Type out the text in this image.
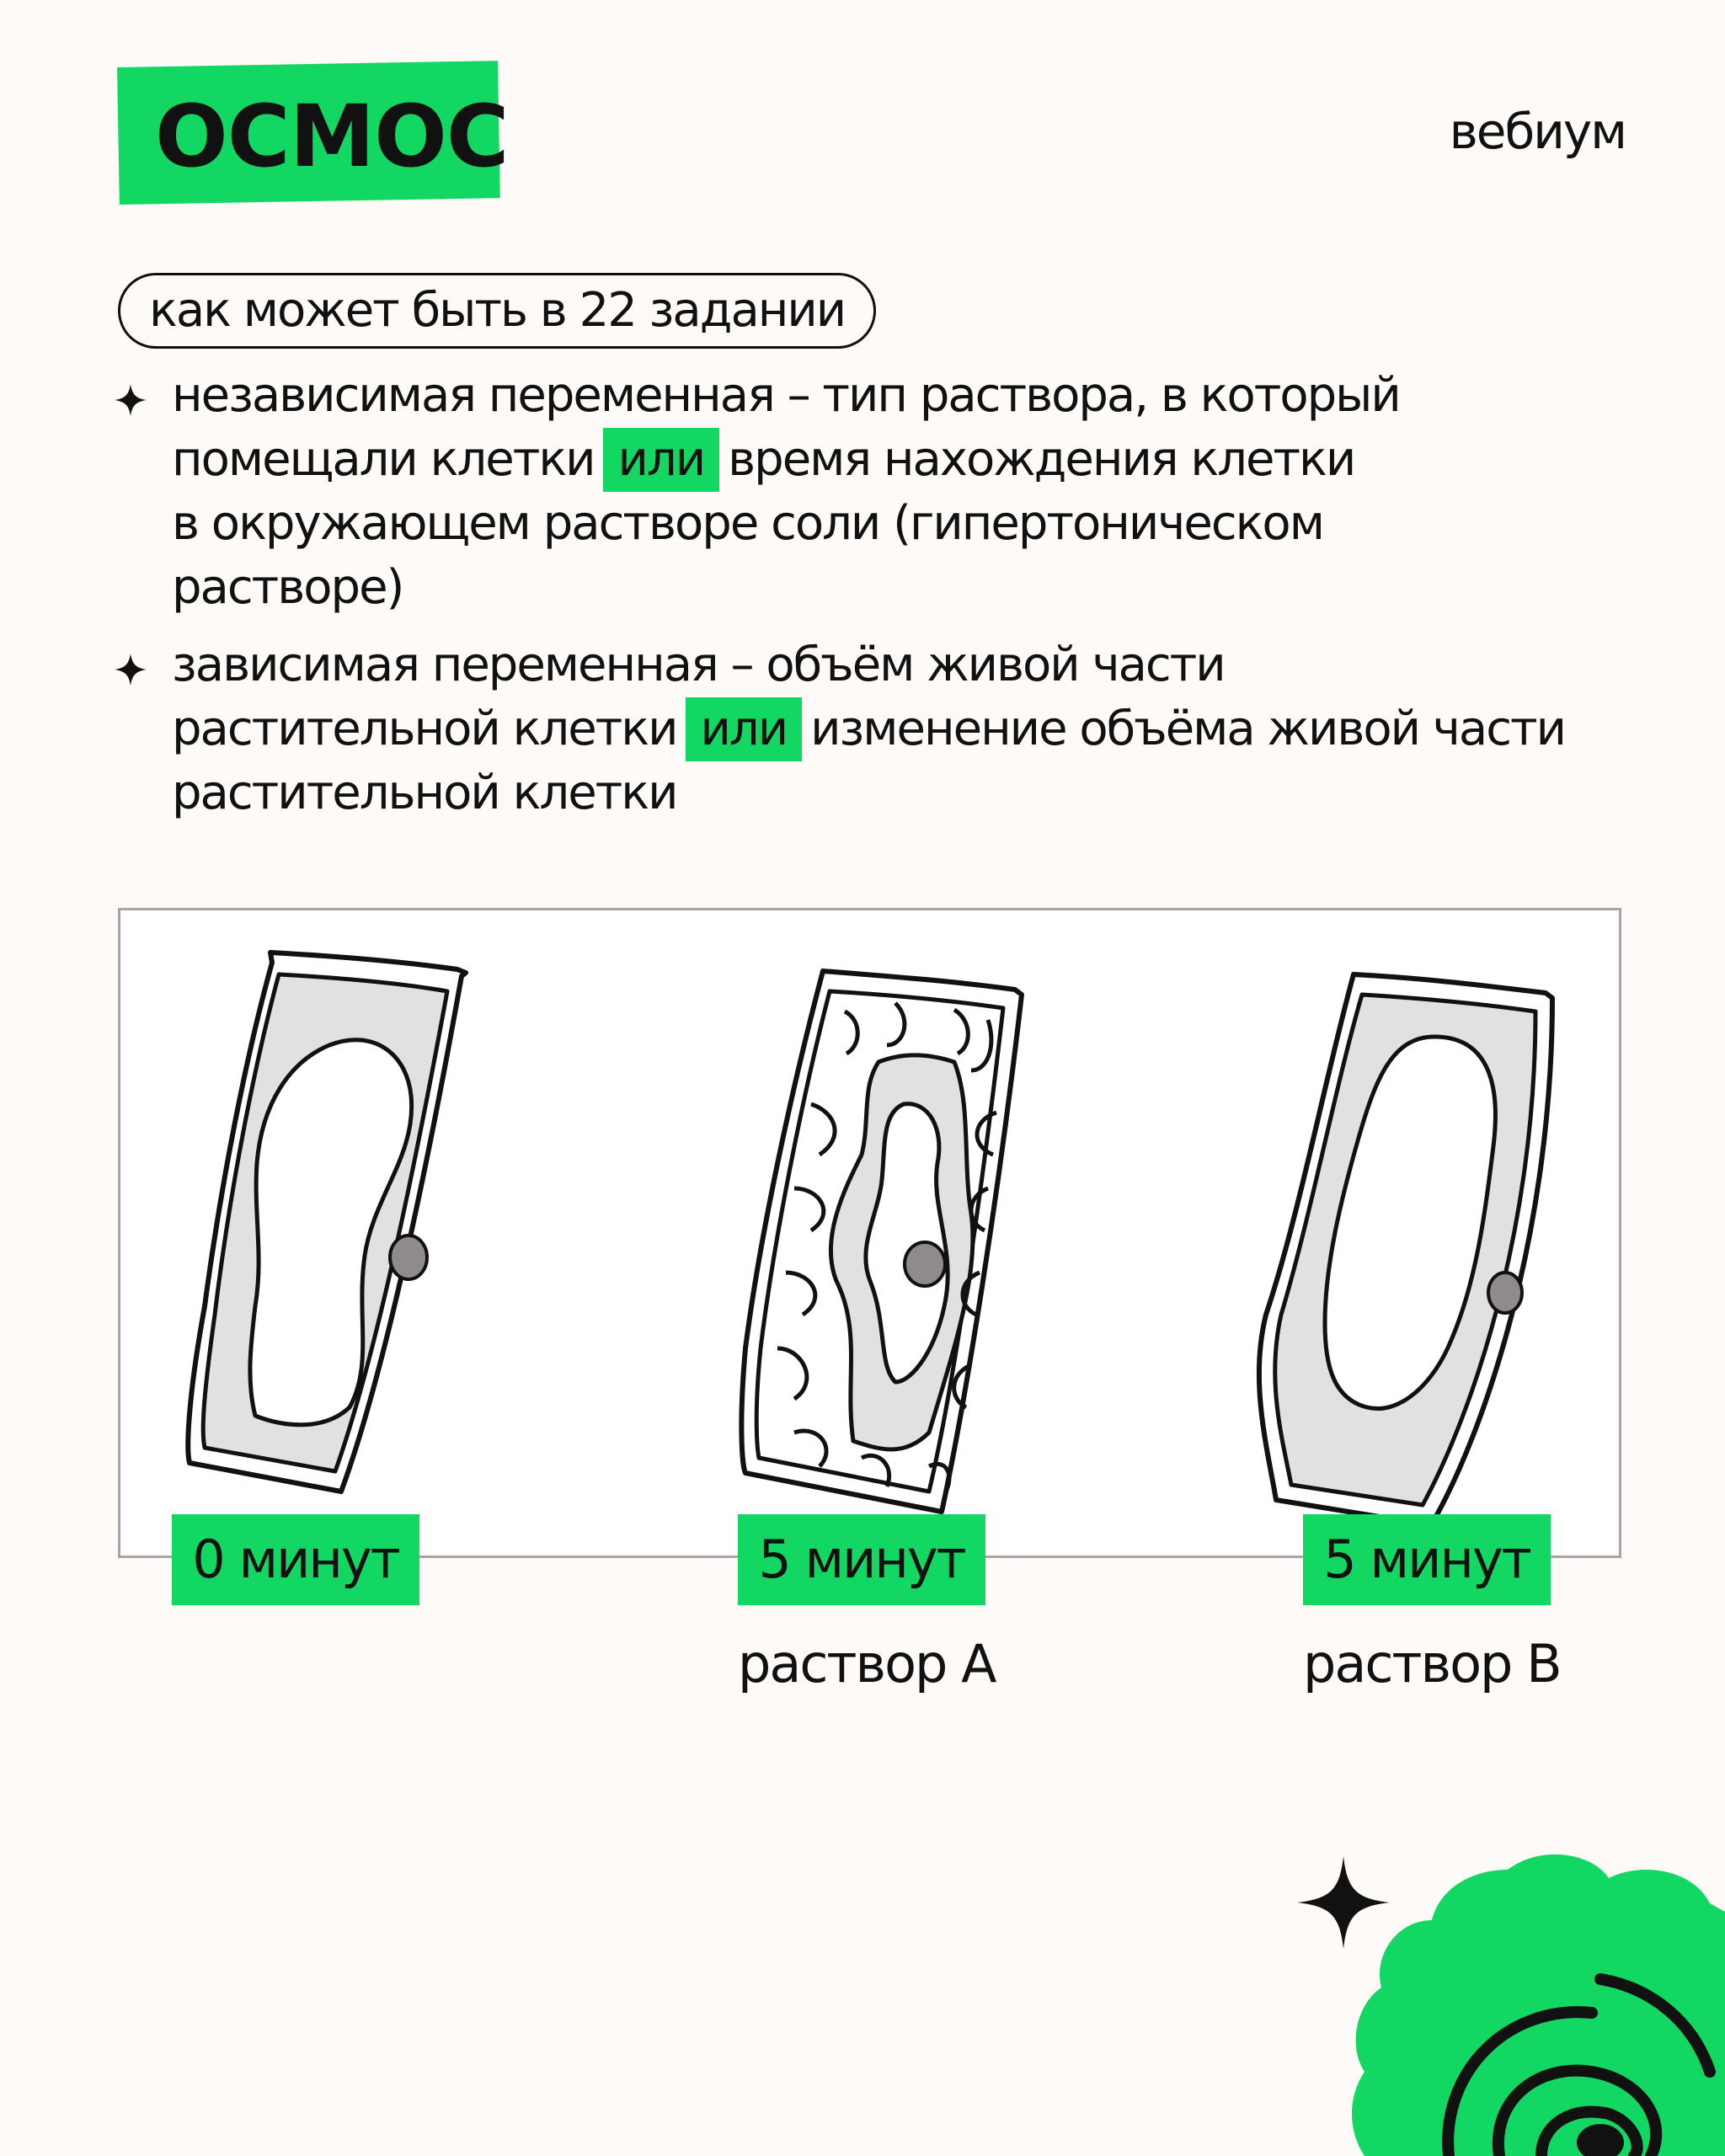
ОСМОС	вебиум
как может быть в 22 задании
независимая переменная – тип раствора, в который
помещали клетки или время нахождения клетки
в окружающем растворе соли (гипертоническом
растворе)
зависимая переменная – объём живой части
растительной клетки или изменение объёма живой части
растительной клетки
0 минут	5 минут	5 минут
раствор А	раствор В
